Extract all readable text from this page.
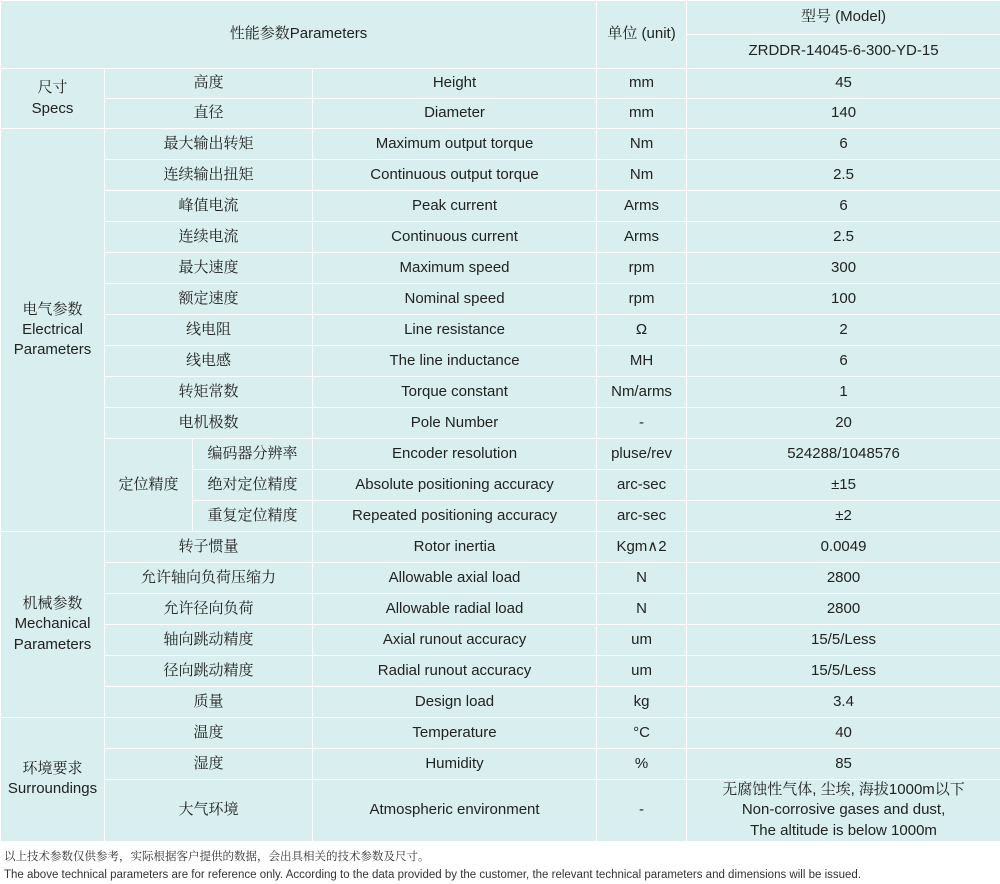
性能参数Parameters				单位 (unit)	型号 (Model)
					ZRDDR-14045-6-300-YD-15
尺寸
Specs	高度		Height	mm	45
	直径		Diameter	mm	140
电气参数
Electrical
Parameters	最大输出转矩		Maximum output torque	Nm	6
	连续输出扭矩		Continuous output torque	Nm	2.5
	峰值电流		Peak current	Arms	6
	连续电流		Continuous current	Arms	2.5
	最大速度		Maximum speed	rpm	300
	额定速度		Nominal speed	rpm	100
	线电阻		Line resistance	Ω	2
	线电感		The line inductance	MH	6
	转矩常数		Torque constant	Nm/arms	1
	电机极数		Pole Number	-	20
	定位精度	编码器分辨率	Encoder resolution	pluse/rev	524288/1048576
		绝对定位精度	Absolute positioning accuracy	arc-sec	±15
		重复定位精度	Repeated positioning accuracy	arc-sec	±2
机械参数
Mechanical
Parameters	转子惯量		Rotor inertia	Kgm∧2	0.0049
	允许轴向负荷压缩力		Allowable axial load	N	2800
	允许径向负荷		Allowable radial load	N	2800
	轴向跳动精度		Axial runout accuracy	um	15/5/Less
	径向跳动精度		Radial runout accuracy	um	15/5/Less
	质量		Design load	kg	3.4
环境要求
Surroundings	温度		Temperature	°C	40
	湿度		Humidity	%	85
	大气环境		Atmospheric environment	-	无腐蚀性气体, 尘埃, 海拔1000m以下
Non-corrosive gases and dust,
The altitude is below 1000m
以上技术参数仅供参考，实际根据客户提供的数据，会出具相关的技术参数及尺寸。
The above technical parameters are for reference only. According to the data provided by the customer, the relevant technical parameters and dimensions will be issued.
